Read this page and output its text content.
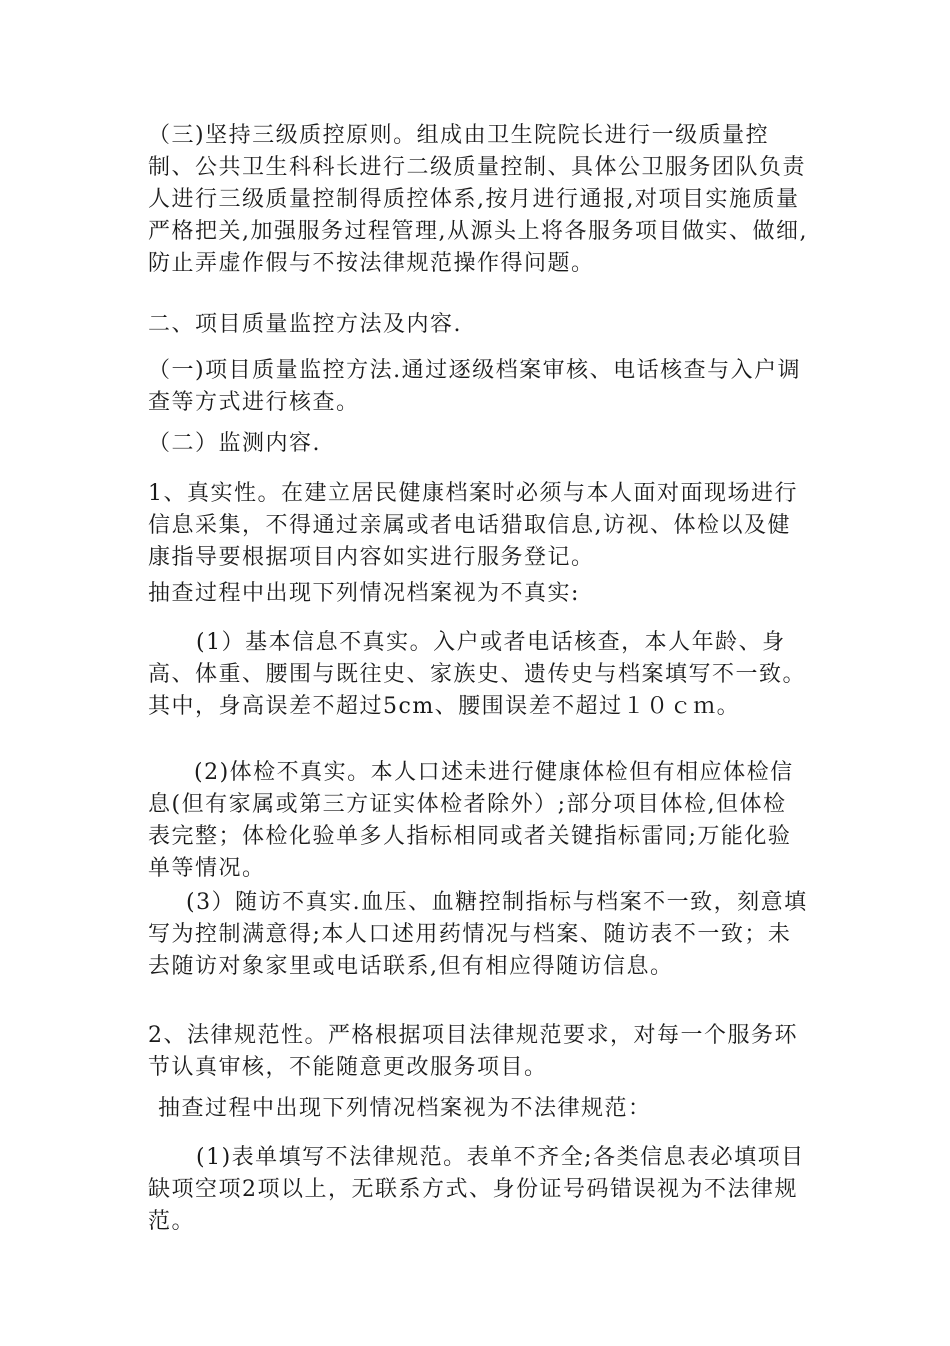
（三)坚持三级质控原则。组成由卫生院院长进行一级质量控制、公共卫生科科长进行二级质量控制、具体公卫服务团队负责人进行三级质量控制得质控体系,按月进行通报,对项目实施质量严格把关,加强服务过程管理,从源头上将各服务项目做实、做细,防止弄虚作假与不按法律规范操作得问题。

二、项目质量监控方法及内容.

（一)项目质量监控方法.通过逐级档案审核、电话核查与入户调查等方式进行核查。

（二）监测内容.

1、真实性。在建立居民健康档案时必须与本人面对面现场进行信息采集，不得通过亲属或者电话猎取信息,访视、体检以及健康指导要根据项目内容如实进行服务登记。

抽查过程中出现下列情况档案视为不真实:

(1）基本信息不真实。入户或者电话核查，本人年龄、身高、体重、腰围与既往史、家族史、遗传史与档案填写不一致。其中，身高误差不超过5cm、腰围误差不超过１０ｃｍ。

(2)体检不真实。本人口述未进行健康体检但有相应体检信息(但有家属或第三方证实体检者除外）;部分项目体检,但体检表完整；体检化验单多人指标相同或者关键指标雷同;万能化验单等情况。

(3）随访不真实.血压、血糖控制指标与档案不一致，刻意填写为控制满意得;本人口述用药情况与档案、随访表不一致；未去随访对象家里或电话联系,但有相应得随访信息。

2、法律规范性。严格根据项目法律规范要求，对每一个服务环节认真审核，不能随意更改服务项目。

抽查过程中出现下列情况档案视为不法律规范：

(1)表单填写不法律规范。表单不齐全;各类信息表必填项目缺项空项2项以上，无联系方式、身份证号码错误视为不法律规范。
